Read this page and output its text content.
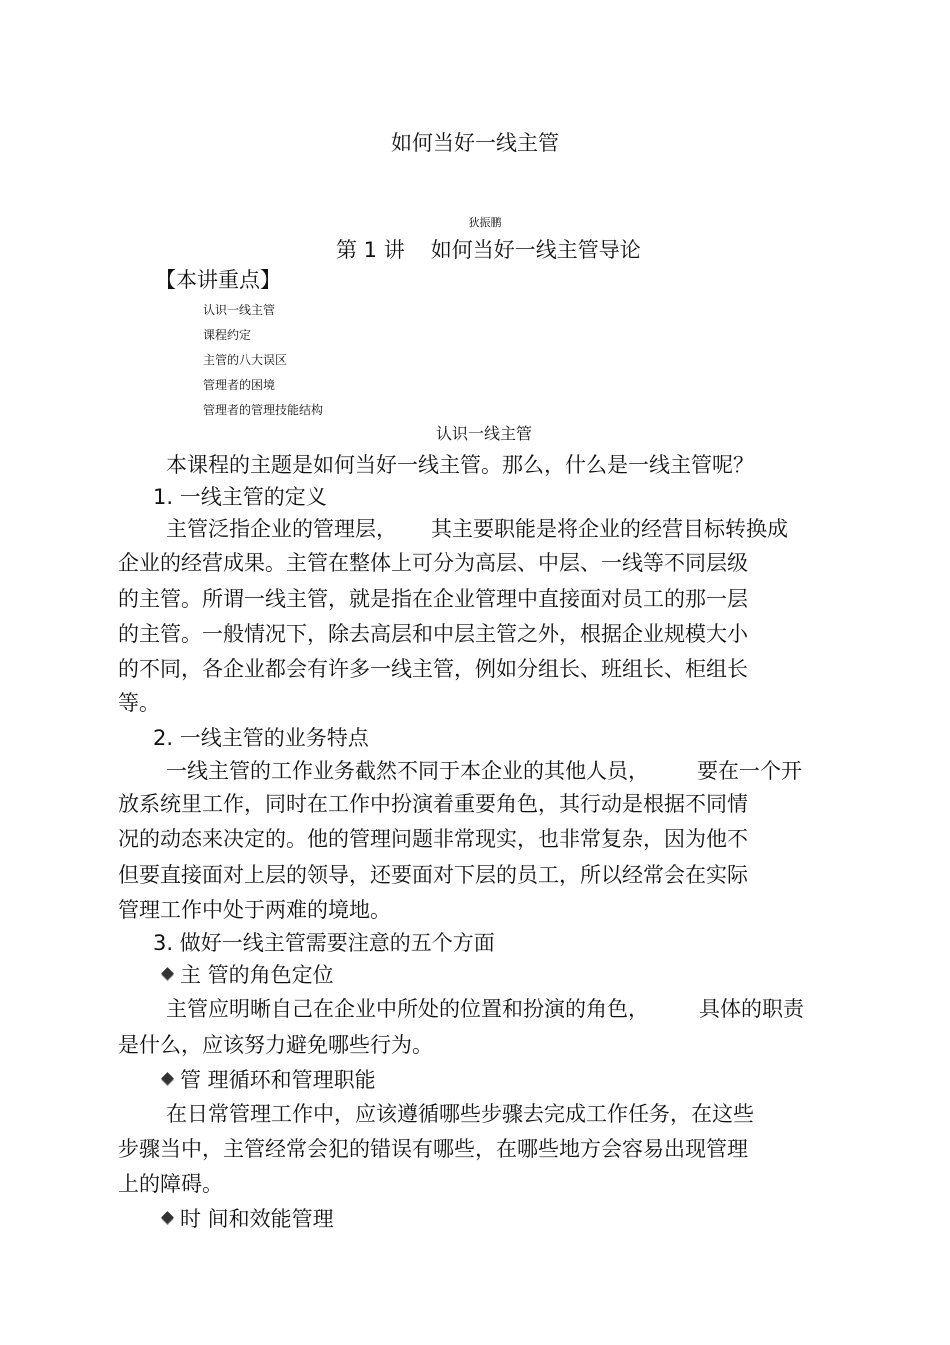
如何当好一线主管
狄振鹏
第 1 讲 如何当好一线主管导论
【本讲重点】
认识一线主管
课程约定
主管的八大误区
管理者的困境
管理者的管理技能结构
认识一线主管
本课程的主题是如何当好一线主管。那么，什么是一线主管呢？
1. 一线主管的定义
主管泛指企业的管理层， 其主要职能是将企业的经营目标转换成
企业的经营成果。主管在整体上可分为高层、中层、一线等不同层级
的主管。所谓一线主管，就是指在企业管理中直接面对员工的那一层
的主管。一般情况下，除去高层和中层主管之外，根据企业规模大小
的不同，各企业都会有许多一线主管，例如分组长、班组长、柜组长
等。
2. 一线主管的业务特点
一线主管的工作业务截然不同于本企业的其他人员， 要在一个开
放系统里工作，同时在工作中扮演着重要角色，其行动是根据不同情
况的动态来决定的。他的管理问题非常现实，也非常复杂，因为他不
但要直接面对上层的领导，还要面对下层的员工，所以经常会在实际
管理工作中处于两难的境地。
3. 做好一线主管需要注意的五个方面
主 管的角色定位
主管应明晰自己在企业中所处的位置和扮演的角色， 具体的职责
是什么，应该努力避免哪些行为。
管 理循环和管理职能
在日常管理工作中，应该遵循哪些步骤去完成工作任务，在这些
步骤当中，主管经常会犯的错误有哪些，在哪些地方会容易出现管理
上的障碍。
时 间和效能管理
